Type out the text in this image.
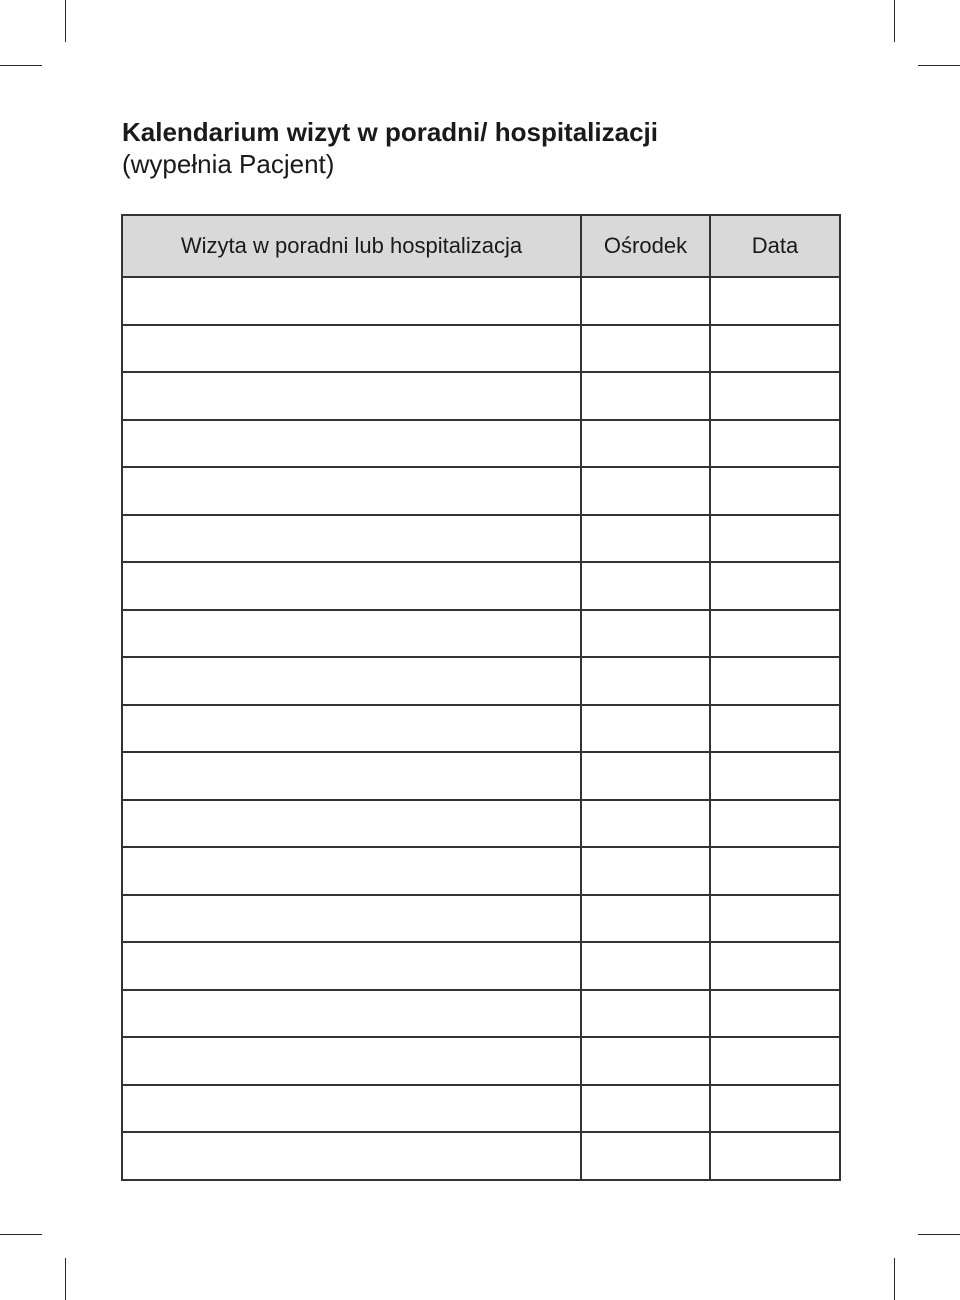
Kalendarium wizyt w poradni/ hospitalizacji
(wypełnia Pacjent)
Wizyta w poradni lub hospitalizacja	Ośrodek	Data
